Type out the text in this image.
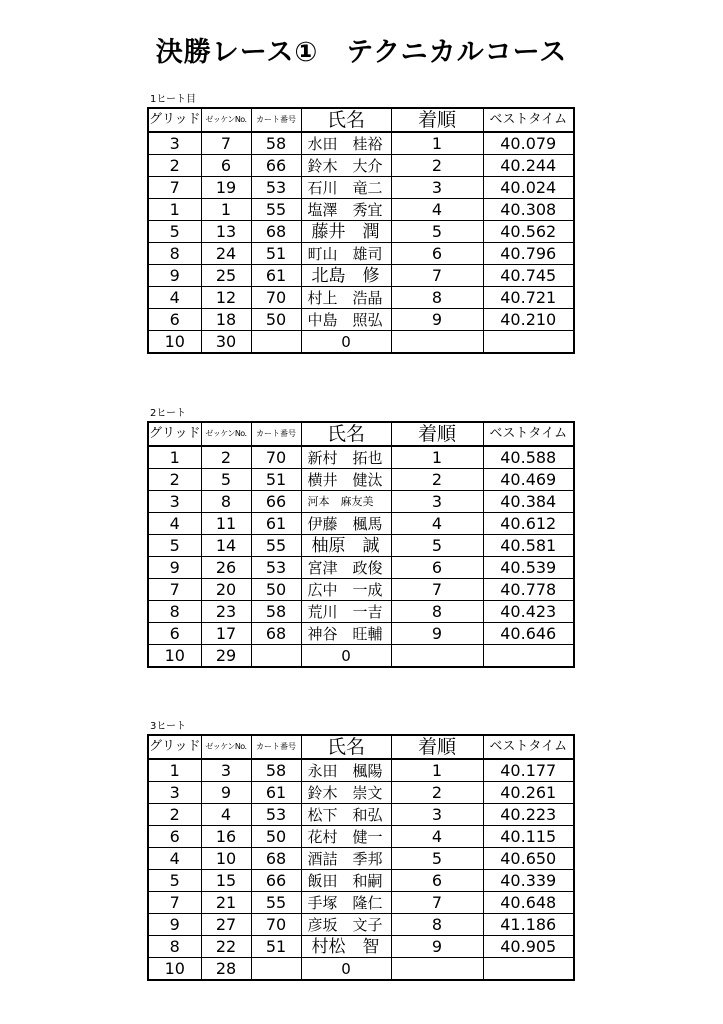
決勝レース①　テクニカルコース
1ヒート目
グリッド	ゼッケンNo.	カート番号	氏名	着順	ベストタイム
3	7	58	水田　桂裕	1	40.079
2	6	66	鈴木　大介	2	40.244
7	19	53	石川　竜二	3	40.024
1	1	55	塩澤　秀宜	4	40.308
5	13	68	藤井　潤	5	40.562
8	24	51	町山　雄司	6	40.796
9	25	61	北島　修	7	40.745
4	12	70	村上　浩晶	8	40.721
6	18	50	中島　照弘	9	40.210
10	30		0		
2ヒート
グリッド	ゼッケンNo.	カート番号	氏名	着順	ベストタイム
1	2	70	新村　拓也	1	40.588
2	5	51	横井　健汰	2	40.469
3	8	66	河本　麻友美	3	40.384
4	11	61	伊藤　楓馬	4	40.612
5	14	55	柚原　誠	5	40.581
9	26	53	宮津　政俊	6	40.539
7	20	50	広中　一成	7	40.778
8	23	58	荒川　一吉	8	40.423
6	17	68	神谷　旺輔	9	40.646
10	29		0		
3ヒート
グリッド	ゼッケンNo.	カート番号	氏名	着順	ベストタイム
1	3	58	永田　楓陽	1	40.177
3	9	61	鈴木　崇文	2	40.261
2	4	53	松下　和弘	3	40.223
6	16	50	花村　健一	4	40.115
4	10	68	酒詰　季邦	5	40.650
5	15	66	飯田　和嗣	6	40.339
7	21	55	手塚　隆仁	7	40.648
9	27	70	彦坂　文子	8	41.186
8	22	51	村松　智	9	40.905
10	28		0		
